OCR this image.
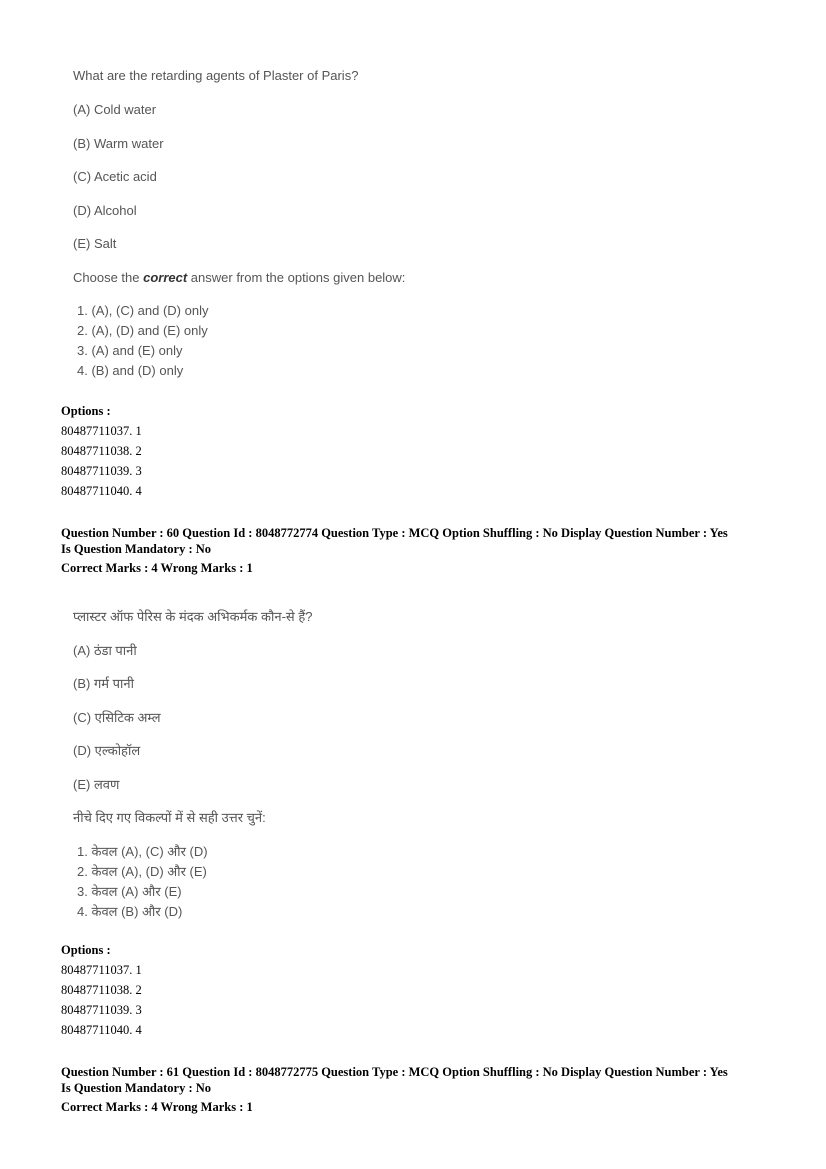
What are the retarding agents of Plaster of Paris?
(A) Cold water
(B) Warm water
(C) Acetic acid
(D) Alcohol
(E) Salt
Choose the correct answer from the options given below:
1. (A), (C) and (D) only
2. (A), (D) and (E) only
3. (A) and (E) only
4. (B) and (D) only
Options :
80487711037. 1
80487711038. 2
80487711039. 3
80487711040. 4
Question Number : 60 Question Id : 8048772774 Question Type : MCQ Option Shuffling : No Display Question Number : Yes
Is Question Mandatory : No
Correct Marks : 4 Wrong Marks : 1
प्लास्टर ऑफ पेरिस के मंदक अभिकर्मक कौन-से हैं?
(A) ठंडा पानी
(B) गर्म पानी
(C) एसिटिक अम्ल
(D) एल्कोहॉल
(E) लवण
नीचे दिए गए विकल्पों में से सही उत्तर चुनें:
1. केवल (A), (C) और (D)
2. केवल (A), (D) और (E)
3. केवल (A) और (E)
4. केवल (B) और (D)
Options :
80487711037. 1
80487711038. 2
80487711039. 3
80487711040. 4
Question Number : 61 Question Id : 8048772775 Question Type : MCQ Option Shuffling : No Display Question Number : Yes
Is Question Mandatory : No
Correct Marks : 4 Wrong Marks : 1
